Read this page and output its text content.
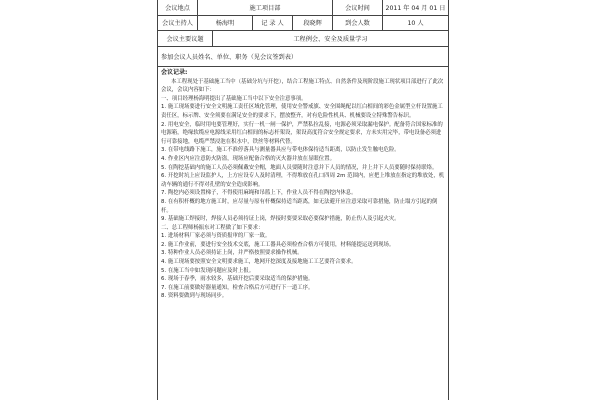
会议地点	施工项目部	会议时间	2011 年 04 月 01 日
会议主持人	杨海明	记 录 人	段晓辉	到会人数	10 人
会议主要议题	工程例会、安全及质量学习
参加会议人员姓名、单位、职务（见会议签到表）

会议记录:

本工程现处于基础施工当中（基础分坑与开挖），结合工程施工特点、自然条件及现阶段施工现状项目部进行了此次会议，会议内容如下：

一、项目经理杨海明提出了基础施工当中以下安全注意事项。

1. 施工现场要进行安全文明施工责任区域化管理，使用安全警戒旗、安全围绳配以红白相间的彩色金属型立杆设置施工责任区，标示牌、安全须要在满足安全的要求下，摆放整齐，对有危险性机具、机械要设立特殊警告标识。

2. 用电安全，临时用电要管理好，实行一机一闸一保护，严禁私拉乱接，电源必须采取漏电保护。配备符合国家标准的电源箱，绝缘软缆应电源线采用红白相间的标志杆架设，架设高度符合安全规定要求，方未实用完毕，带电设备必须进行可靠接地，电缆严禁浸泡在积水中，铁丝等材料代替。

3. 在带电线路下施工，施工不准停落具与测量器具应与带电体保持适当距离，以防止发生触电危险。

4. 作业区内应注意防火防盗，现场应配备合格的灭火器并放在显眼位置。

5. 在陶挖基础内的施工人员必须佩戴安全帽，地面人员要随时注意并下人员的情况，并上井下人员要随时保持联络。

6. 开挖时坑上应设监护人，上方应设专人及时清理，不得堆放在孔口四周 2m 范围内，应把上堆放在指定的堆放处，机动车辆的通行不得对孔壁的安全造成影响。

7. 陶挖内必须设置梯子，不得使用麻绳和吊篮上下，作业人员不得在陶挖内休息。

8. 在有积杆概的地方施工时，应尽量与原有杆概保持适当距离，如无法避开应注意采取可靠措施，防止塌方引起的倒杆。

9. 基础施工焊接时，焊接人员必须持证上岗，焊接时要要采取必要保护措施，防止伤人及引起火灾。

二、总工程师杨振东对工程做了如下要求：

1. 进场材料厂家必须与资质报审的厂家一致。

2. 施工作业前，要进行安全技术交底，施工工器具必须检查合格方可使用，材料能提运送到现场。

3. 特种作业人员必须持证上岗，并严格按照要求操作机械。

4. 施工现场要按照安全文明要求施工，地网开挖深度及接地施工工艺要符合要求。

5. 在施工当中如发现问题应及时上报。

6. 现场于春季，雨水较多，基础开挖后要采取适当的保护措施。

7. 在施工前要做好器量通知，检查合格后方可进行下一道工序。

8. 资料要做到与现场同步。
